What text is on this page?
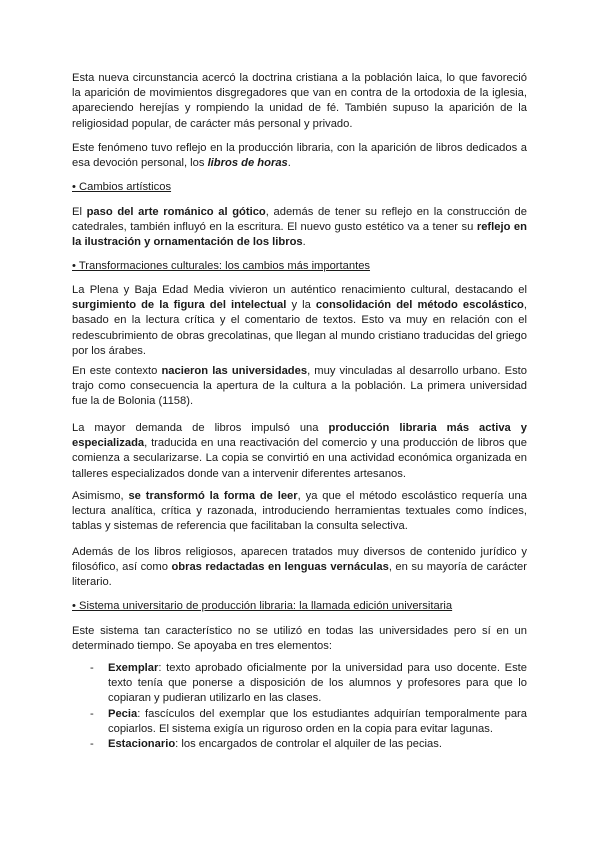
Esta nueva circunstancia acercó la doctrina cristiana a la población laica, lo que favoreció la aparición de movimientos disgregadores que van en contra de la ortodoxia de la iglesia, apareciendo herejías y rompiendo la unidad de fé. También supuso la aparición de la religiosidad popular, de carácter más personal y privado.

Este fenómeno tuvo reflejo en la producción libraria, con la aparición de libros dedicados a esa devoción personal, los libros de horas.

• Cambios artísticos

El paso del arte románico al gótico, además de tener su reflejo en la construcción de catedrales, también influyó en la escritura. El nuevo gusto estético va a tener su reflejo en la ilustración y ornamentación de los libros.

• Transformaciones culturales: los cambios más importantes

La Plena y Baja Edad Media vivieron un auténtico renacimiento cultural, destacando el surgimiento de la figura del intelectual y la consolidación del método escolástico, basado en la lectura crítica y el comentario de textos. Esto va muy en relación con el redescubrimiento de obras grecolatinas, que llegan al mundo cristiano traducidas del griego por los árabes.

En este contexto nacieron las universidades, muy vinculadas al desarrollo urbano. Esto trajo como consecuencia la apertura de la cultura a la población. La primera universidad fue la de Bolonia (1158).

La mayor demanda de libros impulsó una producción libraria más activa y especializada, traducida en una reactivación del comercio y una producción de libros que comienza a secularizarse. La copia se convirtió en una actividad económica organizada en talleres especializados donde van a intervenir diferentes artesanos.

Asimismo, se transformó la forma de leer, ya que el método escolástico requería una lectura analítica, crítica y razonada, introduciendo herramientas textuales como índices, tablas y sistemas de referencia que facilitaban la consulta selectiva.

Además de los libros religiosos, aparecen tratados muy diversos de contenido jurídico y filosófico, así como obras redactadas en lenguas vernáculas, en su mayoría de carácter literario.

• Sistema universitario de producción libraria: la llamada edición universitaria

Este sistema tan característico no se utilizó en todas las universidades pero sí en un determinado tiempo. Se apoyaba en tres elementos:

- Exemplar: texto aprobado oficialmente por la universidad para uso docente. Este texto tenía que ponerse a disposición de los alumnos y profesores para que lo copiaran y pudieran utilizarlo en las clases.
- Pecia: fascículos del exemplar que los estudiantes adquirían temporalmente para copiarlos. El sistema exigía un riguroso orden en la copia para evitar lagunas.
- Estacionario: los encargados de controlar el alquiler de las pecias.
